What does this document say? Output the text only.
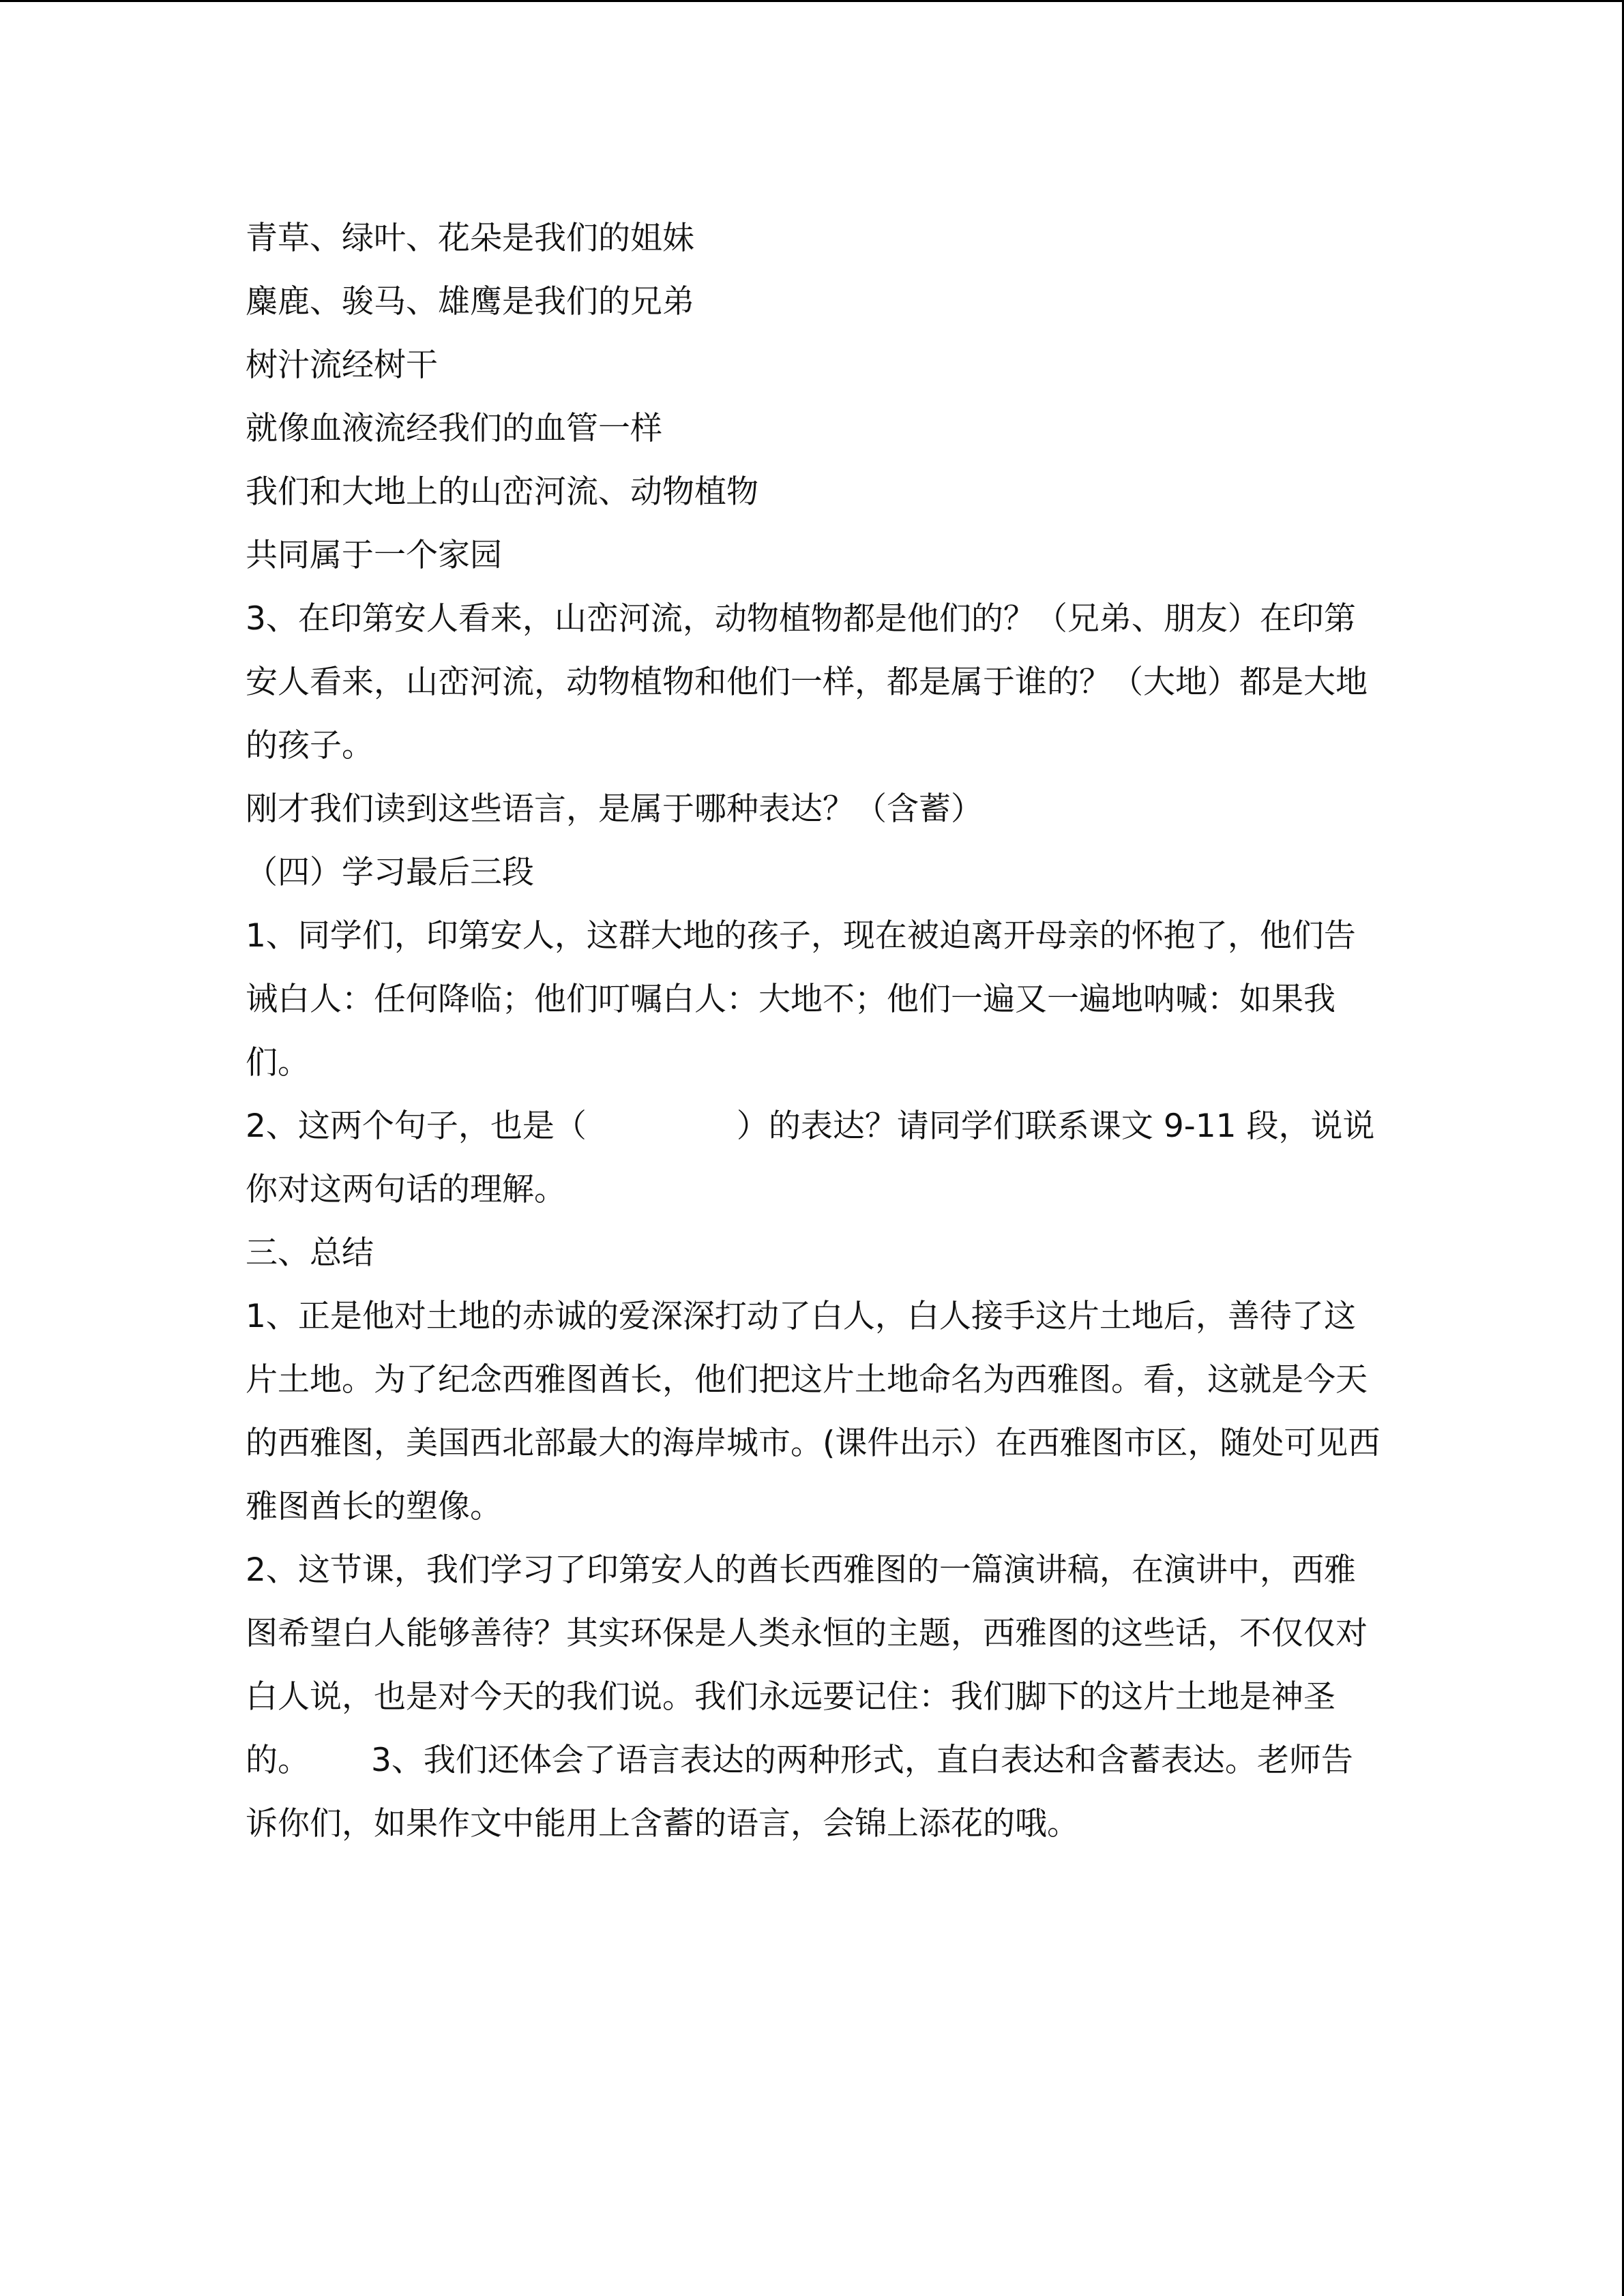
青草、绿叶、花朵是我们的姐妹

麋鹿、骏马、雄鹰是我们的兄弟

树汁流经树干

就像血液流经我们的血管一样

我们和大地上的山峦河流、动物植物

共同属于一个家园

3、在印第安人看来，山峦河流，动物植物都是他们的？（兄弟、朋友）在印第安人看来，山峦河流，动物植物和他们一样，都是属于谁的？（大地）都是大地的孩子。

刚才我们读到这些语言，是属于哪种表达？（含蓄）

（四）学习最后三段

1、同学们，印第安人，这群大地的孩子，现在被迫离开母亲的怀抱了，他们告诫白人：任何降临；他们叮嘱白人：大地不；他们一遍又一遍地呐喊：如果我们。

2、这两个句子，也是（	）的表达？请同学们联系课文 9-11 段，说说你对这两句话的理解。

三、总结

1、正是他对土地的赤诚的爱深深打动了白人，白人接手这片土地后，善待了这片土地。为了纪念西雅图酋长，他们把这片土地命名为西雅图。看，这就是今天的西雅图，美国西北部最大的海岸城市。(课件出示）在西雅图市区，随处可见西雅图酋长的塑像。

2、这节课，我们学习了印第安人的酋长西雅图的一篇演讲稿，在演讲中，西雅图希望白人能够善待？其实环保是人类永恒的主题，西雅图的这些话，不仅仅对白人说，也是对今天的我们说。我们永远要记住：我们脚下的这片土地是神圣的。 3、我们还体会了语言表达的两种形式，直白表达和含蓄表达。老师告诉你们，如果作文中能用上含蓄的语言，会锦上添花的哦。
